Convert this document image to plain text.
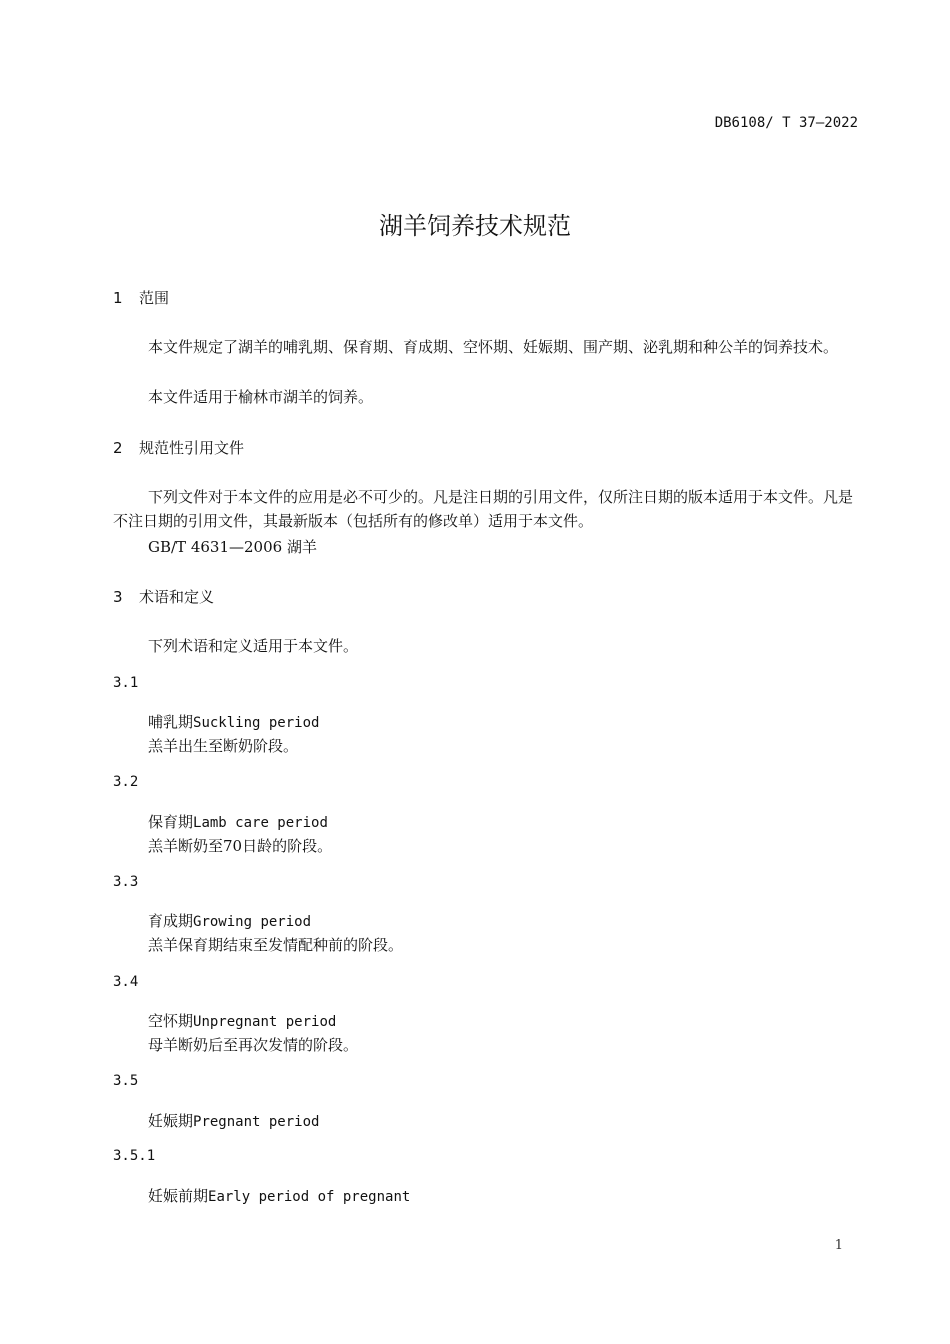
DB6108/ T 37—2022
湖羊饲养技术规范
1 范围
本文件规定了湖羊的哺乳期、保育期、育成期、空怀期、妊娠期、围产期、泌乳期和种公羊的饲养技术。
本文件适用于榆林市湖羊的饲养。
2 规范性引用文件
下列文件对于本文件的应用是必不可少的。凡是注日期的引用文件，仅所注日期的版本适用于本文件。凡是不注日期的引用文件，其最新版本（包括所有的修改单）适用于本文件。
GB/T 4631—2006 湖羊
3 术语和定义
下列术语和定义适用于本文件。
3.1
哺乳期Suckling period
羔羊出生至断奶阶段。
3.2
保育期Lamb care period
羔羊断奶至70日龄的阶段。
3.3
育成期Growing period
羔羊保育期结束至发情配种前的阶段。
3.4
空怀期Unpregnant period
母羊断奶后至再次发情的阶段。
3.5
妊娠期Pregnant period
3.5.1
妊娠前期Early period of pregnant
1
